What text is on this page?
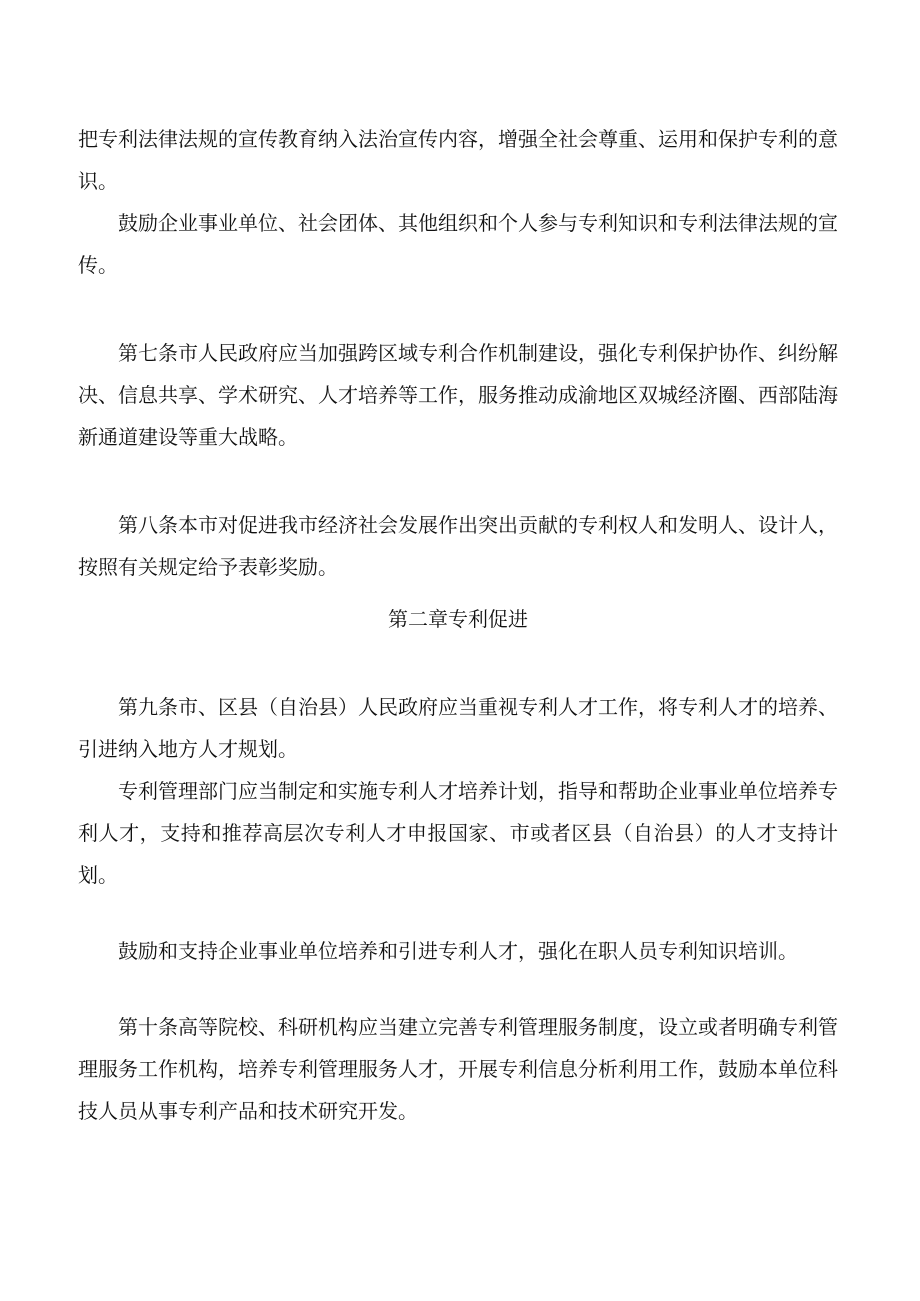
把专利法律法规的宣传教育纳入法治宣传内容，增强全社会尊重、运用和保护专利的意识。

鼓励企业事业单位、社会团体、其他组织和个人参与专利知识和专利法律法规的宣传。

第七条市人民政府应当加强跨区域专利合作机制建设，强化专利保护协作、纠纷解决、信息共享、学术研究、人才培养等工作，服务推动成渝地区双城经济圈、西部陆海新通道建设等重大战略。

第八条本市对促进我市经济社会发展作出突出贡献的专利权人和发明人、设计人，按照有关规定给予表彰奖励。

第二章专利促进

第九条市、区县（自治县）人民政府应当重视专利人才工作，将专利人才的培养、引进纳入地方人才规划。

专利管理部门应当制定和实施专利人才培养计划，指导和帮助企业事业单位培养专利人才，支持和推荐高层次专利人才申报国家、市或者区县（自治县）的人才支持计划。

鼓励和支持企业事业单位培养和引进专利人才，强化在职人员专利知识培训。

第十条高等院校、科研机构应当建立完善专利管理服务制度，设立或者明确专利管理服务工作机构，培养专利管理服务人才，开展专利信息分析利用工作，鼓励本单位科技人员从事专利产品和技术研究开发。
